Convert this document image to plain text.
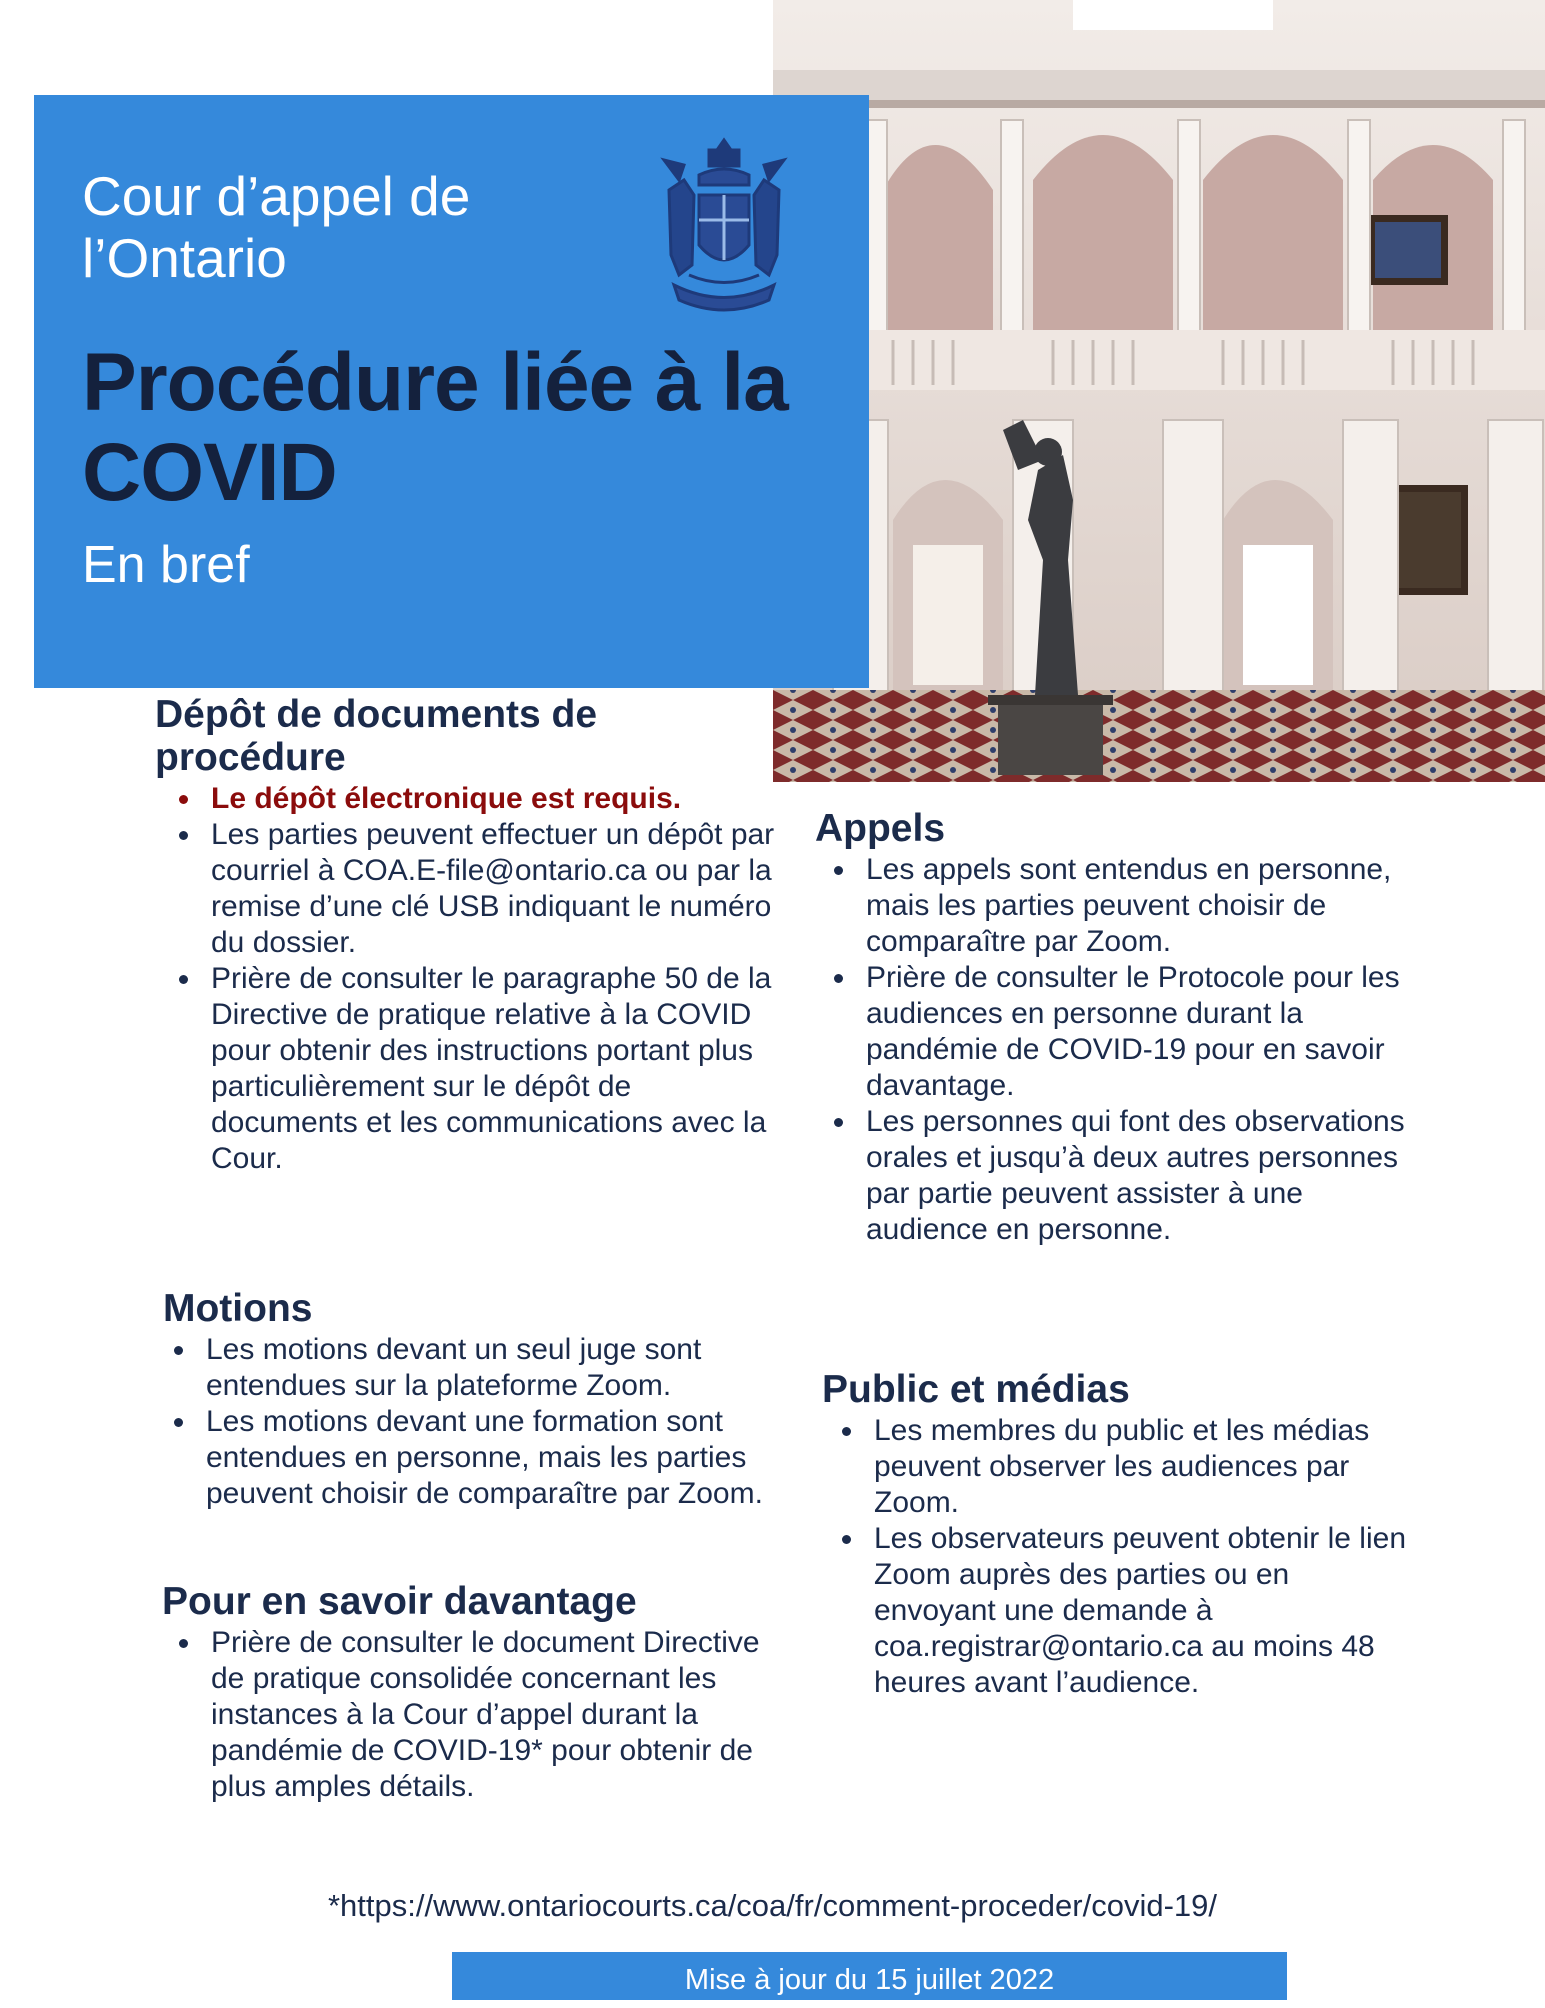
Cour d’appel de l’Ontario
Procédure liée à la COVID
En bref
Dépôt de documents de procédure
Le dépôt électronique est requis.
Les parties peuvent effectuer un dépôt par courriel à COA.E-file@ontario.ca ou par la remise d’une clé USB indiquant le numéro du dossier.
Prière de consulter le paragraphe 50 de la Directive de pratique relative à la COVID pour obtenir des instructions portant plus particulièrement sur le dépôt de documents et les communications avec la Cour.
Motions
Les motions devant un seul juge sont entendues sur la plateforme Zoom.
Les motions devant une formation sont entendues en personne, mais les parties peuvent choisir de comparaître par Zoom.
Pour en savoir davantage
Prière de consulter le document Directive de pratique consolidée concernant les instances à la Cour d’appel durant la pandémie de COVID-19* pour obtenir de plus amples détails.
Appels
Les appels sont entendus en personne, mais les parties peuvent choisir de comparaître par Zoom.
Prière de consulter le Protocole pour les audiences en personne durant la pandémie de COVID-19 pour en savoir davantage.
Les personnes qui font des observations orales et jusqu’à deux autres personnes par partie peuvent assister à une audience en personne.
Public et médias
Les membres du public et les médias peuvent observer les audiences par Zoom.
Les observateurs peuvent obtenir le lien Zoom auprès des parties ou en envoyant une demande à coa.registrar@ontario.ca au moins 48 heures avant l’audience.
*https://www.ontariocourts.ca/coa/fr/comment-proceder/covid-19/
Mise à jour du 15 juillet 2022
